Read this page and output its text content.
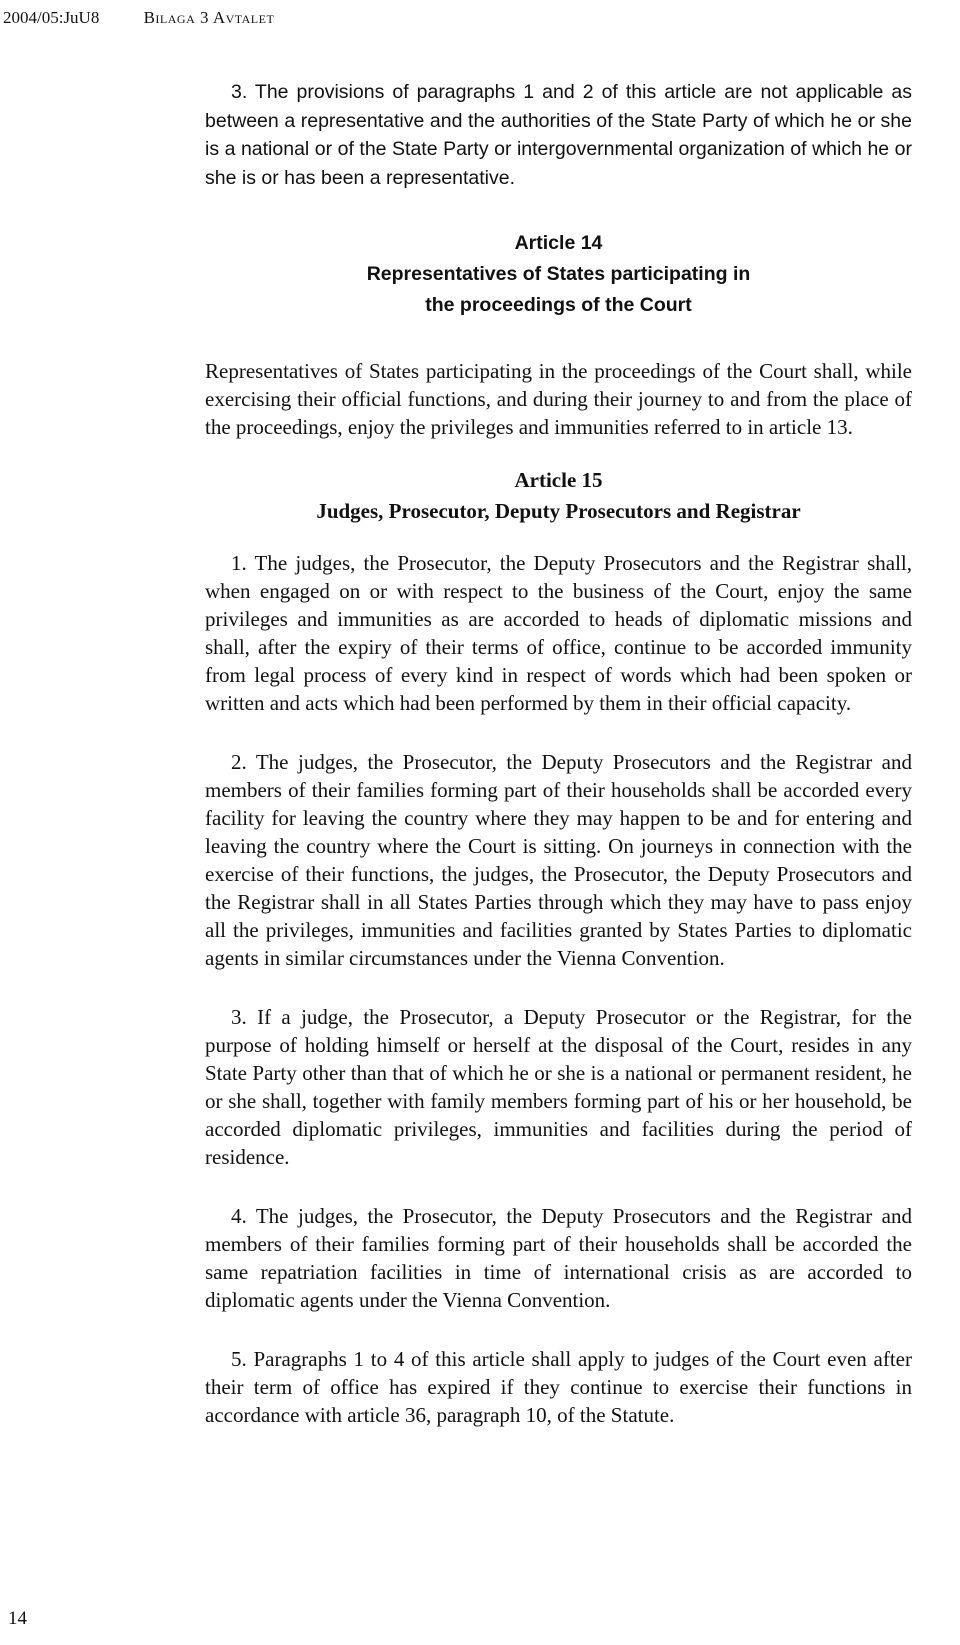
2004/05:JuU8	Bilaga 3 Avtalet

3. The provisions of paragraphs 1 and 2 of this article are not applicable as between a representative and the authorities of the State Party of which he or she is a national or of the State Party or intergovernmental organization of which he or she is or has been a representative.

Article 14
Representatives of States participating in
the proceedings of the Court

Representatives of States participating in the proceedings of the Court shall, while exercising their official functions, and during their journey to and from the place of the proceedings, enjoy the privileges and immunities referred to in article 13.

Article 15
Judges, Prosecutor, Deputy Prosecutors and Registrar

1. The judges, the Prosecutor, the Deputy Prosecutors and the Registrar shall, when engaged on or with respect to the business of the Court, enjoy the same privileges and immunities as are accorded to heads of diplomatic missions and shall, after the expiry of their terms of office, continue to be accorded immunity from legal process of every kind in respect of words which had been spoken or written and acts which had been performed by them in their official capacity.

2. The judges, the Prosecutor, the Deputy Prosecutors and the Registrar and members of their families forming part of their households shall be accorded every facility for leaving the country where they may happen to be and for entering and leaving the country where the Court is sitting. On journeys in connection with the exercise of their functions, the judges, the Prosecutor, the Deputy Prosecutors and the Registrar shall in all States Parties through which they may have to pass enjoy all the privileges, immunities and facilities granted by States Parties to diplomatic agents in similar circumstances under the Vienna Convention.

3. If a judge, the Prosecutor, a Deputy Prosecutor or the Registrar, for the purpose of holding himself or herself at the disposal of the Court, resides in any State Party other than that of which he or she is a national or permanent resident, he or she shall, together with family members forming part of his or her household, be accorded diplomatic privileges, immunities and facilities during the period of residence.

4. The judges, the Prosecutor, the Deputy Prosecutors and the Registrar and members of their families forming part of their households shall be accorded the same repatriation facilities in time of international crisis as are accorded to diplomatic agents under the Vienna Convention.

5. Paragraphs 1 to 4 of this article shall apply to judges of the Court even after their term of office has expired if they continue to exercise their functions in accordance with article 36, paragraph 10, of the Statute.

14
